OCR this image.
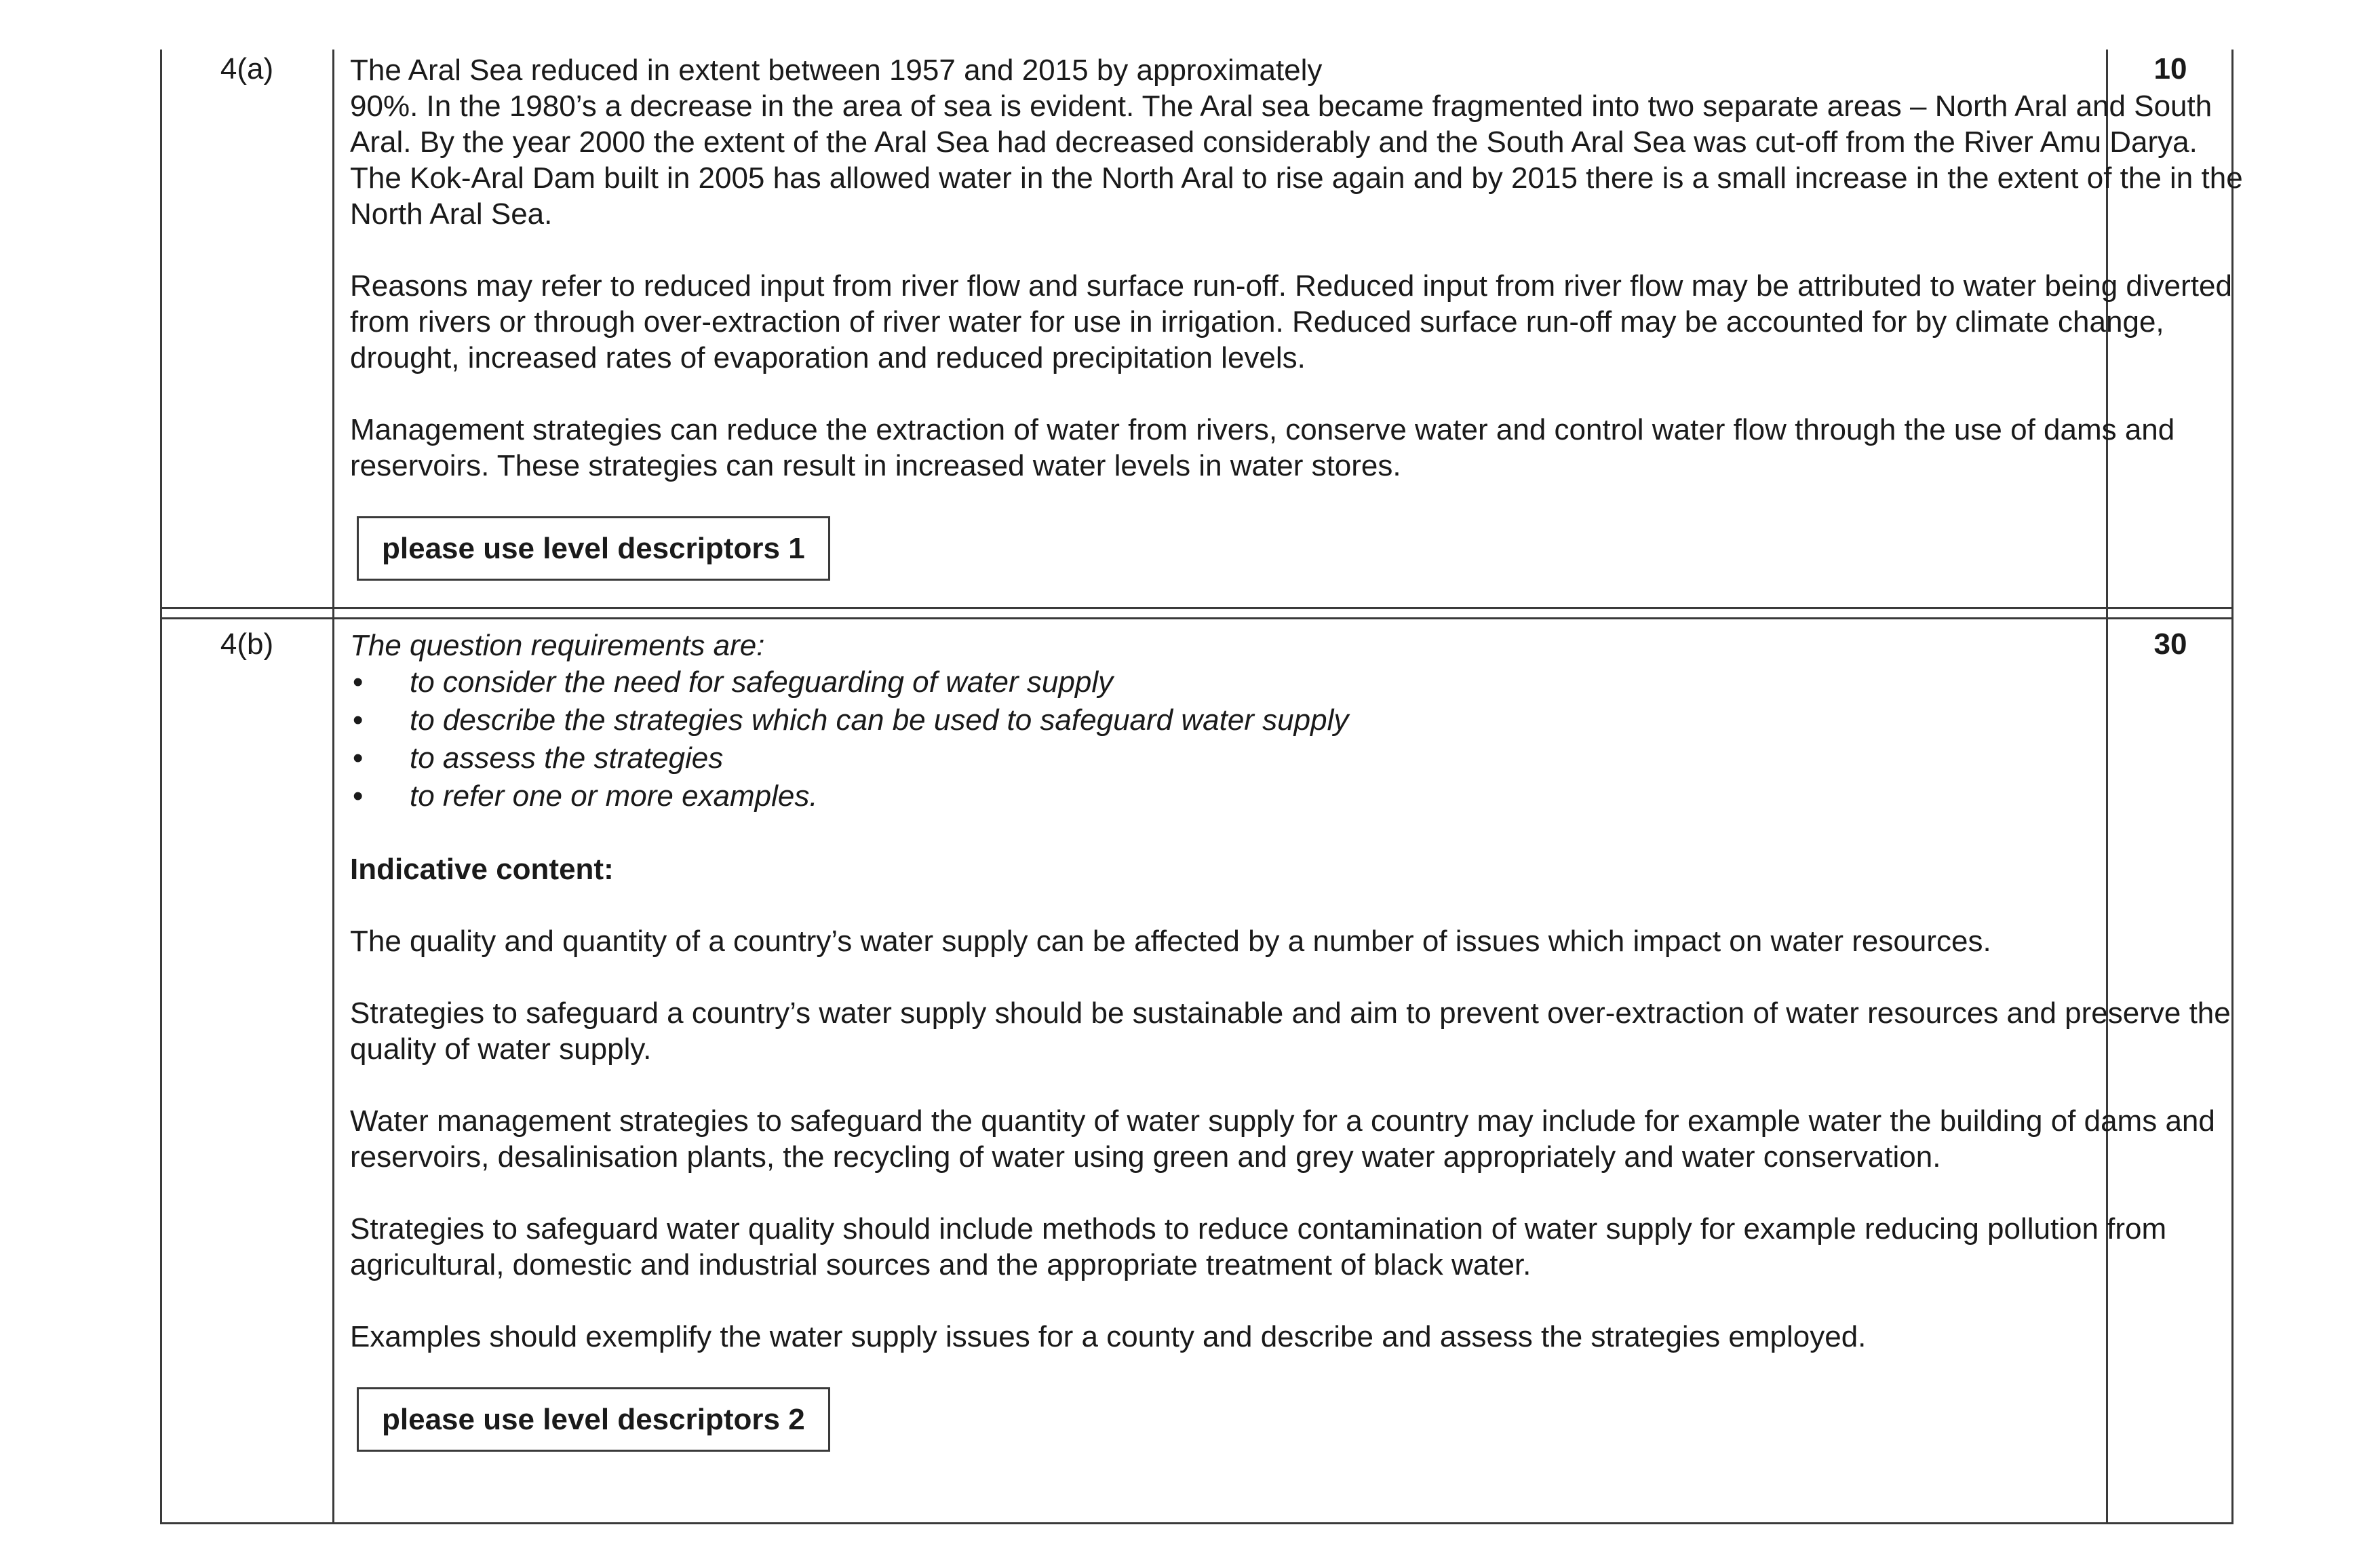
4(a)	10
The Aral Sea reduced in extent between 1957 and 2015 by approximately

90%. In the 1980’s a decrease in the area of sea is evident. The Aral sea became fragmented into two separate areas – North Aral and South Aral. By the year 2000 the extent of the Aral Sea had decreased considerably and the South Aral Sea was cut-off from the River Amu Darya. The Kok-Aral Dam built in 2005 has allowed water in the North Aral to rise again and by 2015 there is a small increase in the extent of the in the North Aral Sea.

Reasons may refer to reduced input from river flow and surface run-off. Reduced input from river flow may be attributed to water being diverted from rivers or through over-extraction of river water for use in irrigation. Reduced surface run-off may be accounted for by climate change, drought, increased rates of evaporation and reduced precipitation levels.

Management strategies can reduce the extraction of water from rivers, conserve water and control water flow through the use of dams and reservoirs. These strategies can result in increased water levels in water stores.

please use level descriptors 1
4(b)	30
The question requirements are:
• to consider the need for safeguarding of water supply
• to describe the strategies which can be used to safeguard water supply
• to assess the strategies
• to refer one or more examples.

Indicative content:

The quality and quantity of a country’s water supply can be affected by a number of issues which impact on water resources.

Strategies to safeguard a country’s water supply should be sustainable and aim to prevent over-extraction of water resources and preserve the quality of water supply.

Water management strategies to safeguard the quantity of water supply for a country may include for example water the building of dams and reservoirs, desalinisation plants, the recycling of water using green and grey water appropriately and water conservation.

Strategies to safeguard water quality should include methods to reduce contamination of water supply for example reducing pollution from agricultural, domestic and industrial sources and the appropriate treatment of black water.

Examples should exemplify the water supply issues for a county and describe and assess the strategies employed.

please use level descriptors 2
